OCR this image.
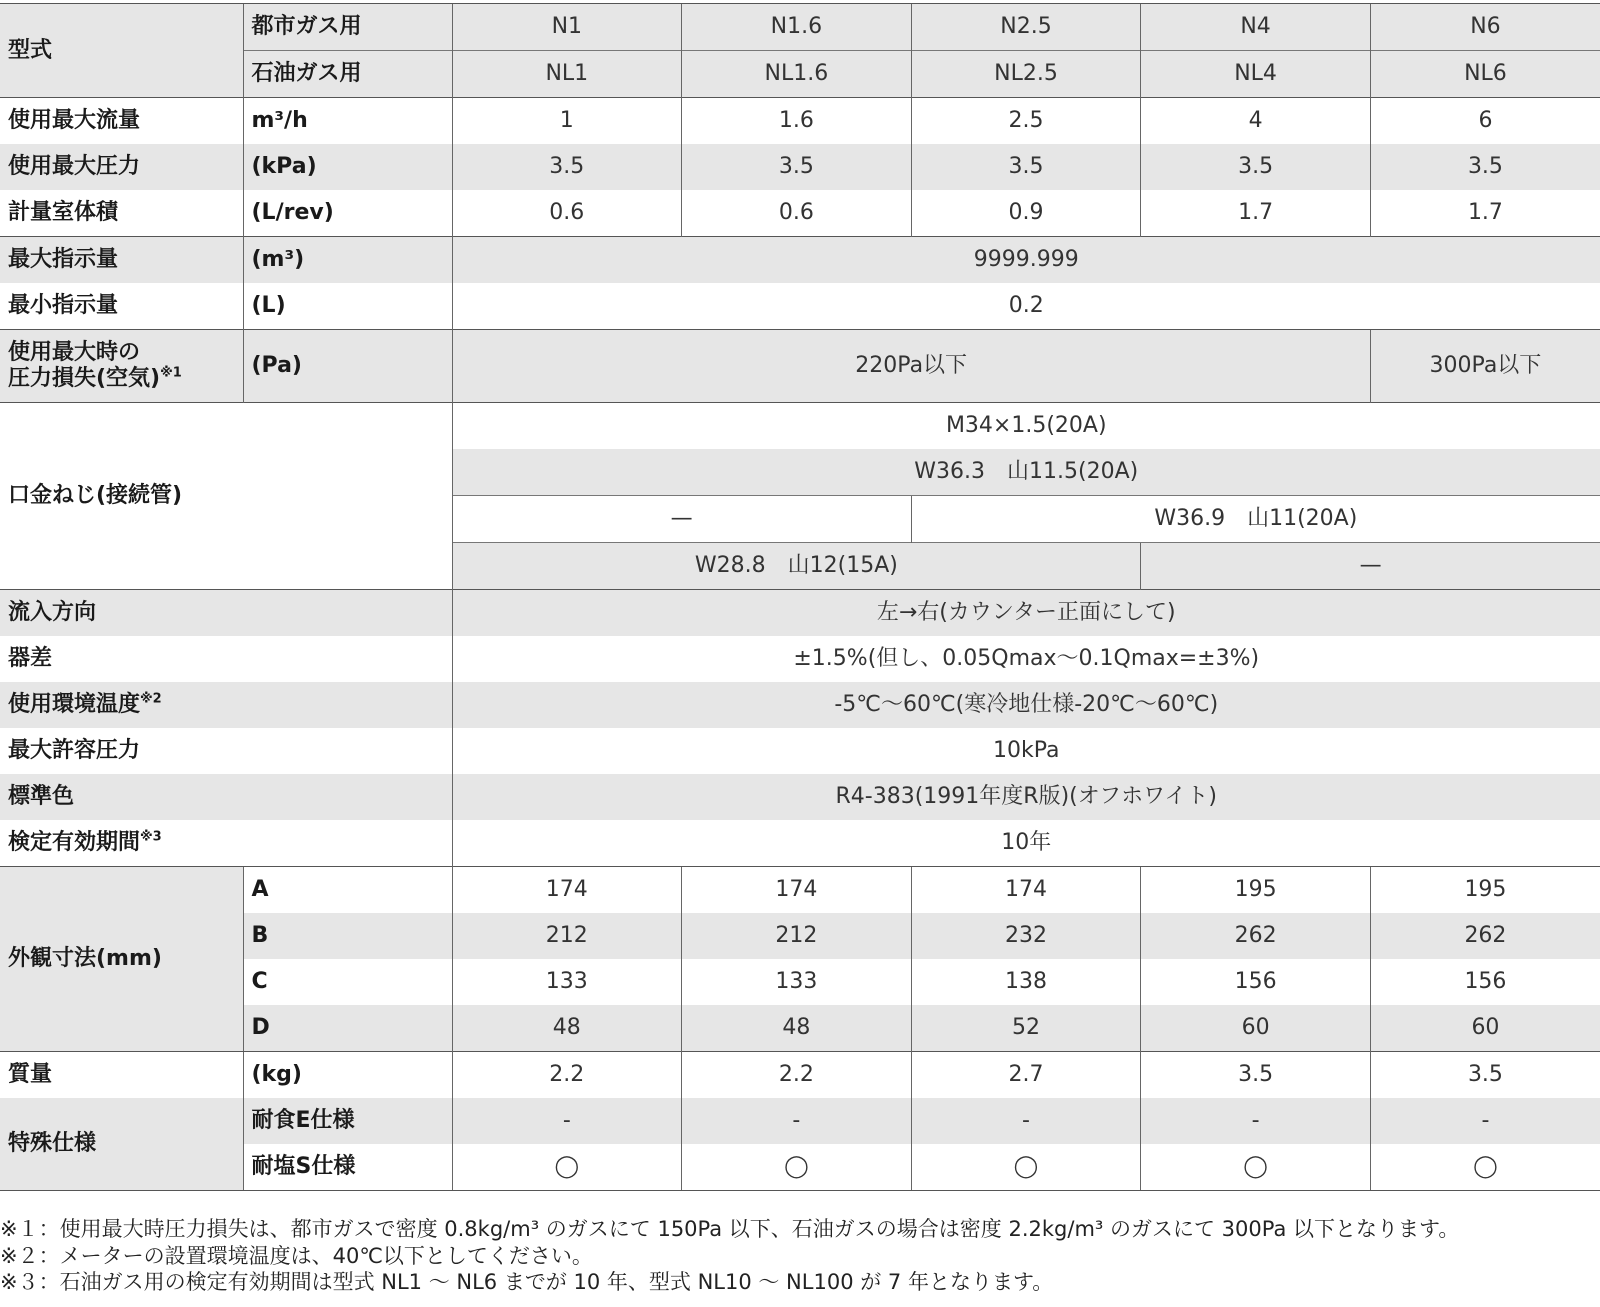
型式	都市ガス用	N1	N1.6	N2.5	N4	N6
	石油ガス用	NL1	NL1.6	NL2.5	NL4	NL6
使用最大流量	m³/h	1	1.6	2.5	4	6
使用最大圧力	(kPa)	3.5	3.5	3.5	3.5	3.5
計量室体積	(L/rev)	0.6	0.6	0.9	1.7	1.7
最大指示量	(m³)	9999.999				
最小指示量	(L)	0.2				

使用最大時の
圧力損失(空気)$^{※1}$	(Pa)	220Pa以下				300Pa以下
口金ねじ(接続管)		M34×1.5(20A)				
		W36.3　山11.5(20A)				
		—		W36.9　山11(20A)		
		W28.8　山12(15A)			—	
流入方向		左→右(カウンター正面にして)				
器差		±1.5%(但し、0.05Qmax〜0.1Qmax=±3%)				
使用環境温度$^{※2}$		-5℃〜60℃(寒冷地仕様-20℃〜60℃)				
最大許容圧力		10kPa				
標準色		R4-383(1991年度R版)(オフホワイト)				
検定有効期間$^{※3}$		10年				
外観寸法(mm)	A	174	174	174	195	195
	B	212	212	232	262	262
	C	133	133	138	156	156
	D	48	48	52	60	60
質量	(kg)	2.2	2.2	2.7	3.5	3.5
特殊仕様	耐食E仕様	-	-	-	-	-
	耐塩S仕様	◯	◯	◯	◯	◯
※１：使用最大時圧力損失は、都市ガスで密度 0.8kg/m³ のガスにて 150Pa 以下、石油ガスの場合は密度 2.2kg/m³ のガスにて 300Pa 以下となります。
※２：メーターの設置環境温度は、40℃以下としてください。
※３：石油ガス用の検定有効期間は型式 NL1 〜 NL6 までが 10 年、型式 NL10 〜 NL100 が 7 年となります。
